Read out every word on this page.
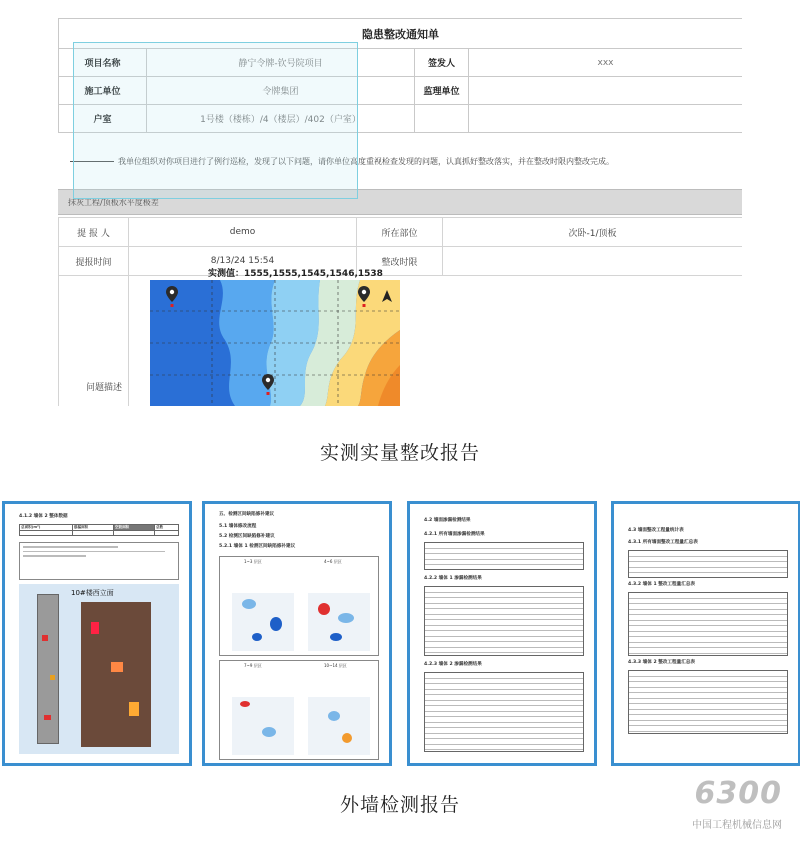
隐患整改通知单			
项目名称	静宁令牌-钦号院项目	签发人	xxx
施工单位	令牌集团	监理单位	
户室	1号楼（楼栋）/4（楼层）/402（户室）		
我单位组织对你项目进行了例行巡检，发现了以下问题，请你单位高度重视检查发现的问题，认真抓好整改落实，并在整改时限内整改完成。
抹灰工程/顶板水平度极差
提 报 人	demo	所在部位	次卧-1/顶板
提报时间	8/13/24 15:54	整改时限	

实测值：1555,1555,1545,1546,1538
问题描述
实测实量整改报告
4.1.2 墙体 2 整体数据
总面积(m²)	渗漏面积	空鼓面积	总数

10#楼西立面
五、检测区间缺陷修补建议
5.1 墙体修改流程
5.2 检测区间缺陷修补建议
5.2.1 墙体 1 检测区间缺陷修补建议
1~3 层区	4~6 层区
7~9 层区	10~14 层区
4.2 墙面渗漏检测结果
4.2.1 所有墙面渗漏检测结果
4.2.2 墙体 1 渗漏检测结果
4.2.3 墙体 2 渗漏检测结果
4.3 墙面整改工程量统计表
4.3.1 所有墙面整改工程量汇总表
4.3.2 墙体 1 整改工程量汇总表
4.3.3 墙体 2 整改工程量汇总表
外墙检测报告	6300
中国工程机械信息网
